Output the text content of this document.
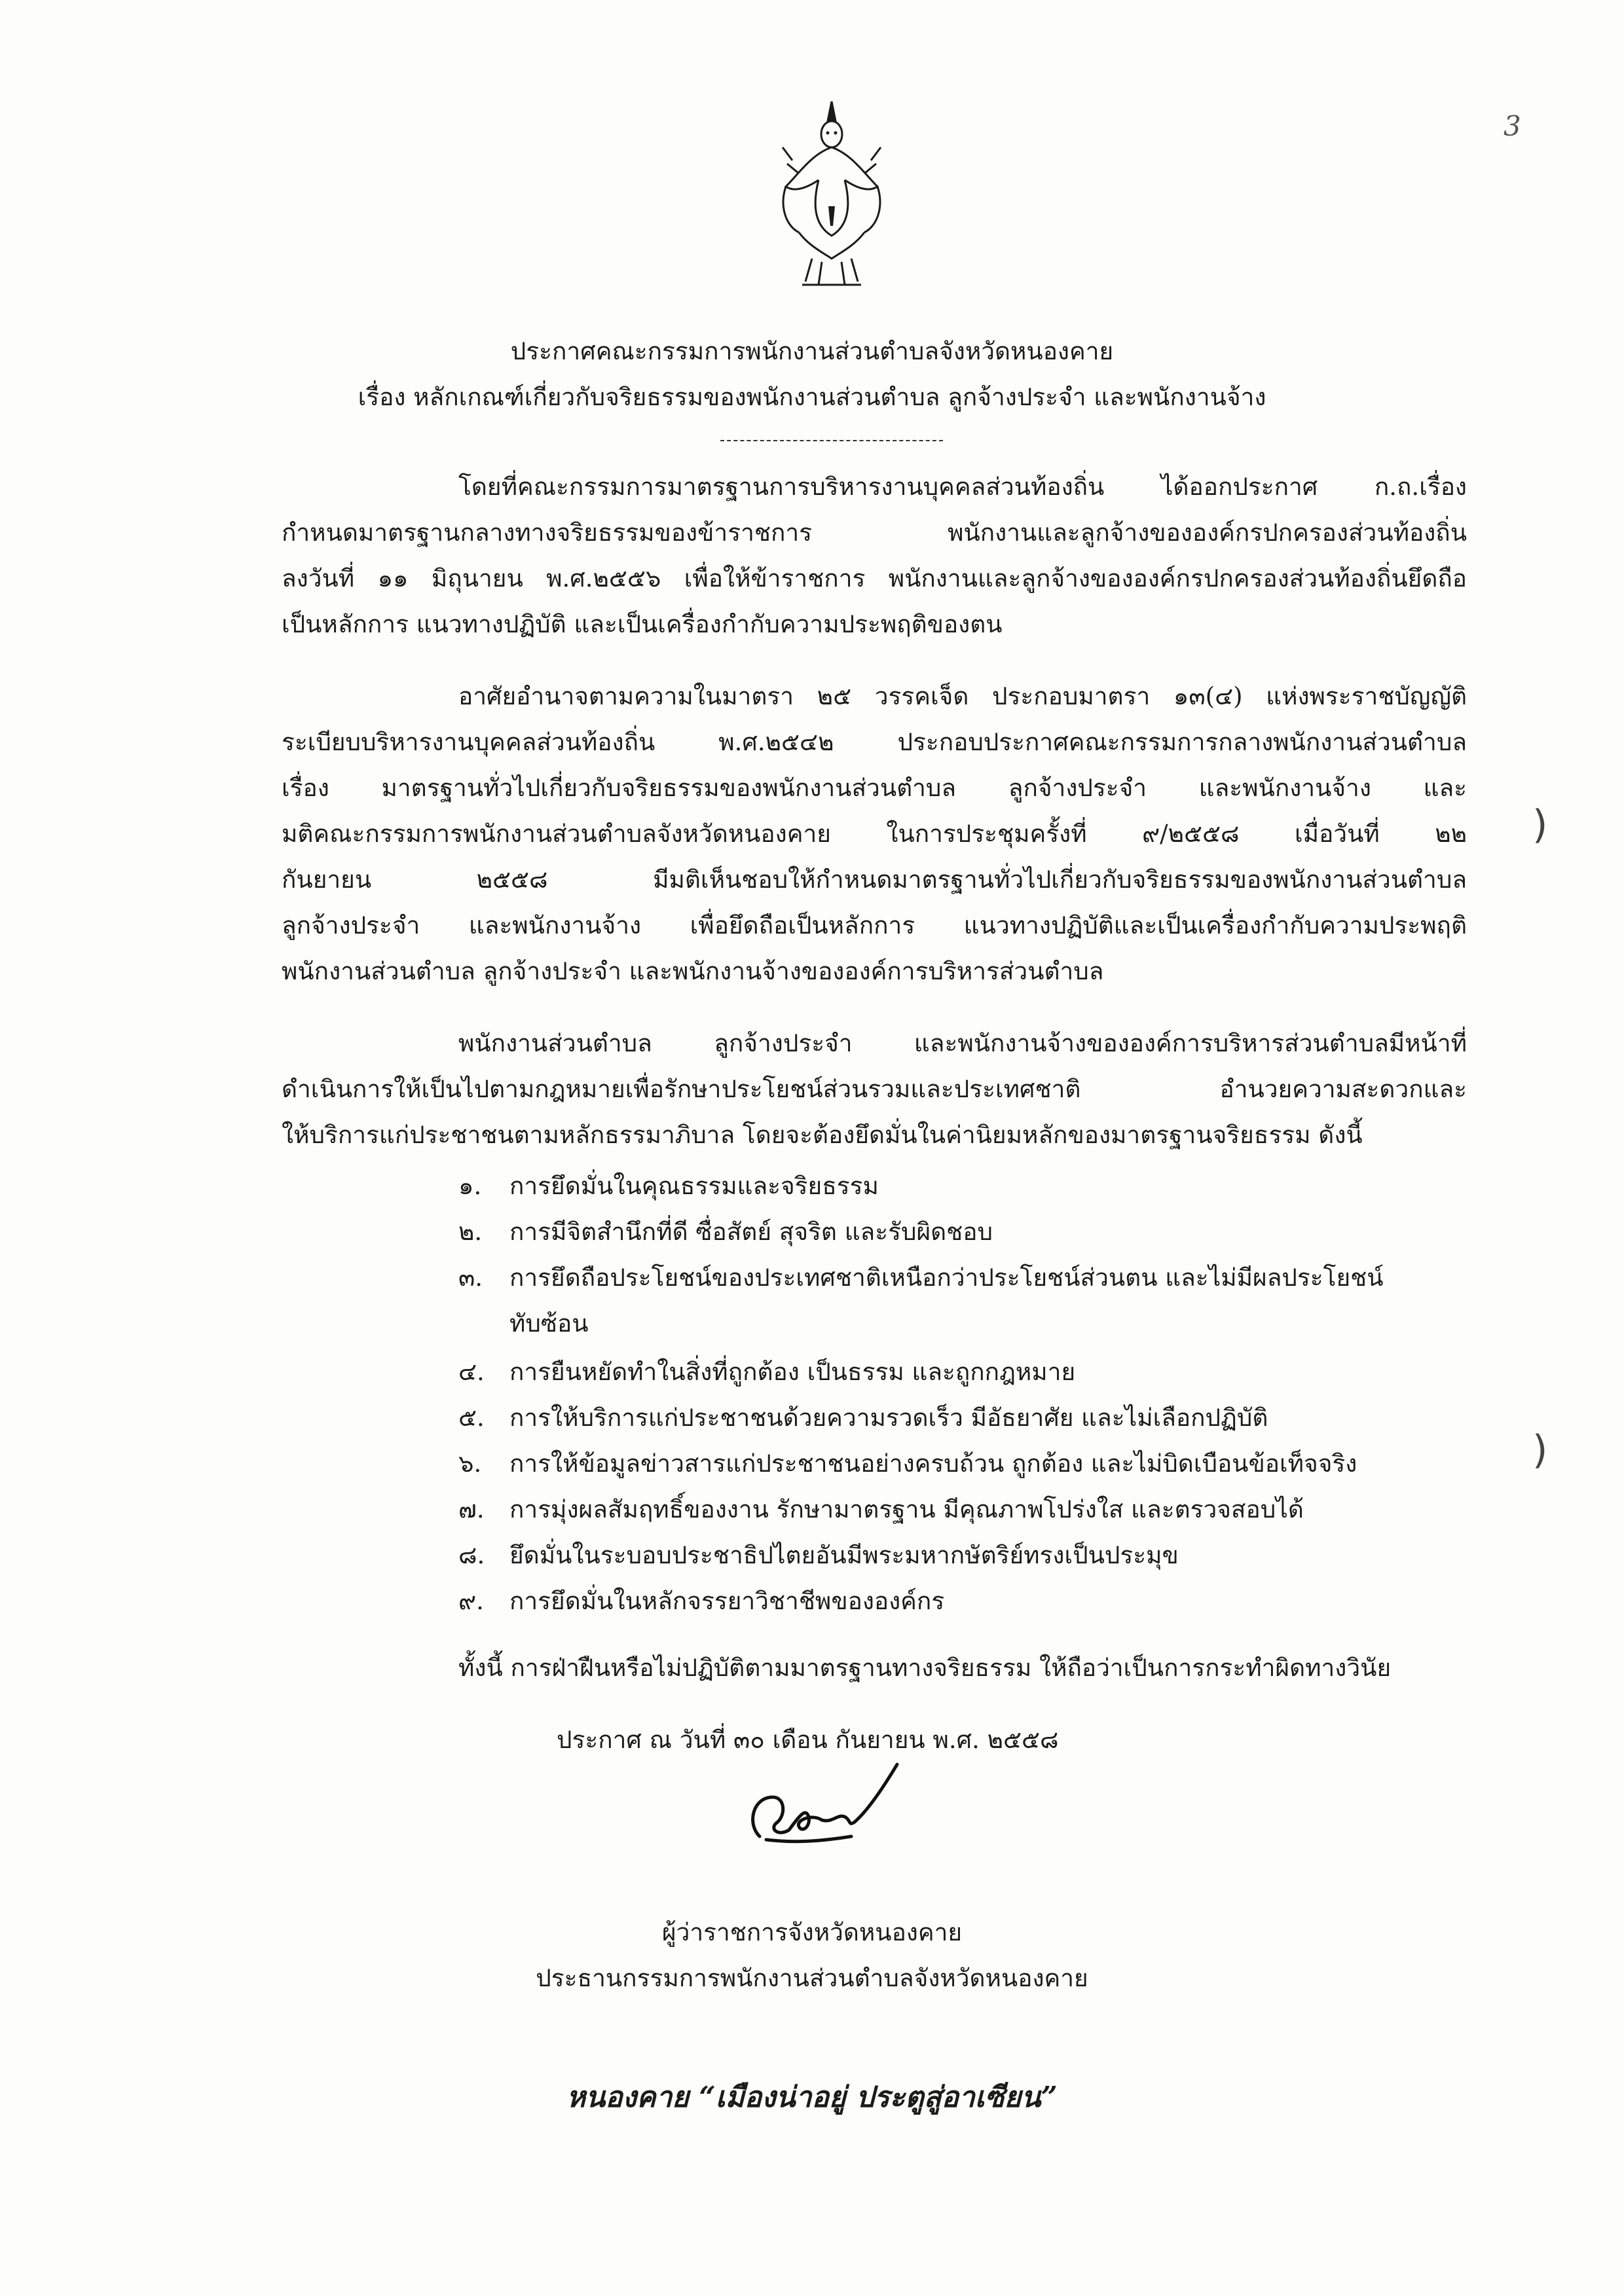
3
ประกาศคณะกรรมการพนักงานส่วนตำบลจังหวัดหนองคาย
เรื่อง หลักเกณฑ์เกี่ยวกับจริยธรรมของพนักงานส่วนตำบล ลูกจ้างประจำ และพนักงานจ้าง
โดยที่คณะกรรมการมาตรฐานการบริหารงานบุคคลส่วนท้องถิ่น ได้ออกประกาศ ก.ถ.เรื่อง
กำหนดมาตรฐานกลางทางจริยธรรมของข้าราชการ พนักงานและลูกจ้างขององค์กรปกครองส่วนท้องถิ่น
ลงวันที่ ๑๑ มิถุนายน พ.ศ.๒๕๕๖ เพื่อให้ข้าราชการ พนักงานและลูกจ้างขององค์กรปกครองส่วนท้องถิ่นยึดถือ
เป็นหลักการ แนวทางปฏิบัติ และเป็นเครื่องกำกับความประพฤติของตน
อาศัยอำนาจตามความในมาตรา ๒๕ วรรคเจ็ด ประกอบมาตรา ๑๓(๔) แห่งพระราชบัญญัติ
ระเบียบบริหารงานบุคคลส่วนท้องถิ่น พ.ศ.๒๕๔๒ ประกอบประกาศคณะกรรมการกลางพนักงานส่วนตำบล
เรื่อง มาตรฐานทั่วไปเกี่ยวกับจริยธรรมของพนักงานส่วนตำบล ลูกจ้างประจำ และพนักงานจ้าง และ
มติคณะกรรมการพนักงานส่วนตำบลจังหวัดหนองคาย ในการประชุมครั้งที่ ๙/๒๕๕๘ เมื่อวันที่ ๒๒
กันยายน ๒๕๕๘ มีมติเห็นชอบให้กำหนดมาตรฐานทั่วไปเกี่ยวกับจริยธรรมของพนักงานส่วนตำบล
ลูกจ้างประจำ และพนักงานจ้าง เพื่อยึดถือเป็นหลักการ แนวทางปฏิบัติและเป็นเครื่องกำกับความประพฤติ
พนักงานส่วนตำบล ลูกจ้างประจำ และพนักงานจ้างขององค์การบริหารส่วนตำบล
พนักงานส่วนตำบล ลูกจ้างประจำ และพนักงานจ้างขององค์การบริหารส่วนตำบลมีหน้าที่
ดำเนินการให้เป็นไปตามกฎหมายเพื่อรักษาประโยชน์ส่วนรวมและประเทศชาติ อำนวยความสะดวกและ
ให้บริการแก่ประชาชนตามหลักธรรมาภิบาล โดยจะต้องยึดมั่นในค่านิยมหลักของมาตรฐานจริยธรรม ดังนี้
๑. การยึดมั่นในคุณธรรมและจริยธรรม
๒. การมีจิตสำนึกที่ดี ซื่อสัตย์ สุจริต และรับผิดชอบ
๓. การยึดถือประโยชน์ของประเทศชาติเหนือกว่าประโยชน์ส่วนตน และไม่มีผลประโยชน์
ทับซ้อน
๔. การยืนหยัดทำในสิ่งที่ถูกต้อง เป็นธรรม และถูกกฎหมาย
๕. การให้บริการแก่ประชาชนด้วยความรวดเร็ว มีอัธยาศัย และไม่เลือกปฏิบัติ
๖. การให้ข้อมูลข่าวสารแก่ประชาชนอย่างครบถ้วน ถูกต้อง และไม่บิดเบือนข้อเท็จจริง
๗. การมุ่งผลสัมฤทธิ์ของงาน รักษามาตรฐาน มีคุณภาพโปร่งใส และตรวจสอบได้
๘. ยึดมั่นในระบอบประชาธิปไตยอันมีพระมหากษัตริย์ทรงเป็นประมุข
๙. การยึดมั่นในหลักจรรยาวิชาชีพขององค์กร
ทั้งนี้ การฝ่าฝืนหรือไม่ปฏิบัติตามมาตรฐานทางจริยธรรม ให้ถือว่าเป็นการกระทำผิดทางวินัย
ประกาศ ณ วันที่ ๓๐ เดือน กันยายน พ.ศ. ๒๕๕๘
ผู้ว่าราชการจังหวัดหนองคาย
ประธานกรรมการพนักงานส่วนตำบลจังหวัดหนองคาย
หนองคาย “เมืองน่าอยู่ ประตูสู่อาเซียน”
)
)
